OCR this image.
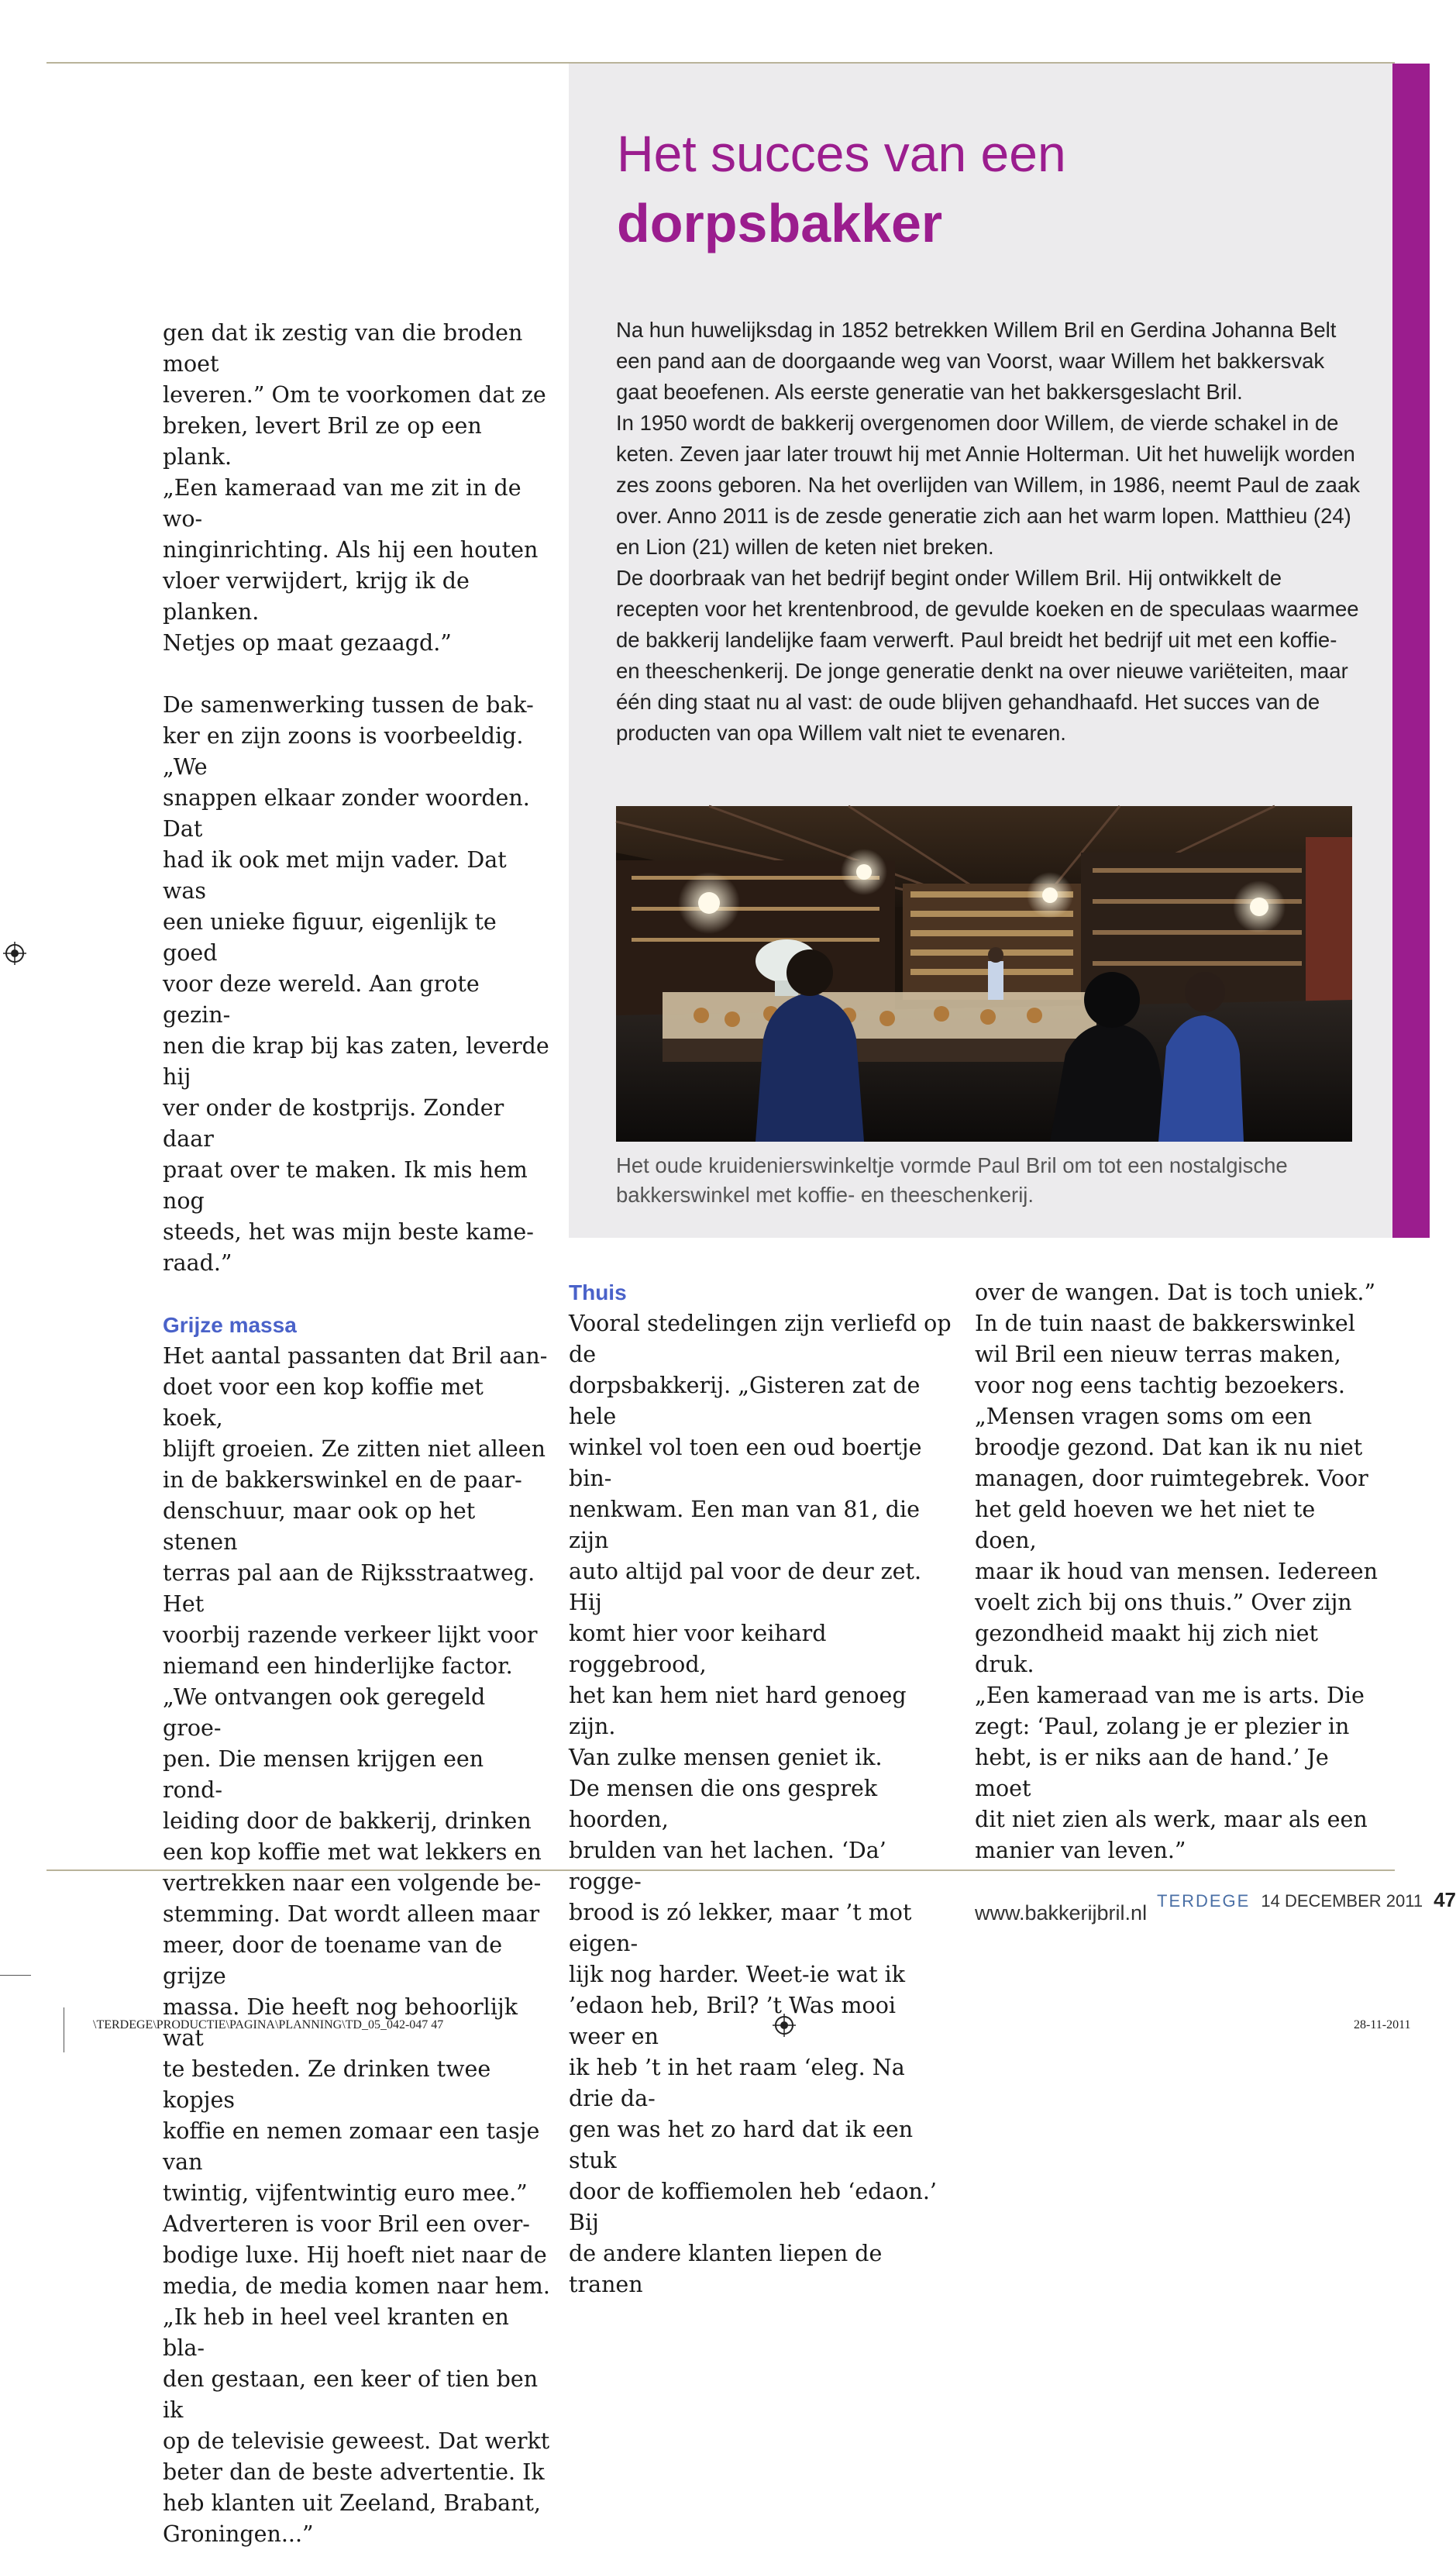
Het succes van een
dorpsbakker

Na hun huwelijksdag in 1852 betrekken Willem Bril en Gerdina Johanna Belt een pand aan de doorgaande weg van Voorst, waar Willem het bakkersvak gaat beoefenen. Als eerste generatie van het bakkersgeslacht Bril.

In 1950 wordt de bakkerij overgenomen door Willem, de vierde schakel in de keten. Zeven jaar later trouwt hij met Annie Holterman. Uit het huwelijk worden zes zoons geboren. Na het overlijden van Willem, in 1986, neemt Paul de zaak over. Anno 2011 is de zesde generatie zich aan het warm lopen. Matthieu (24) en Lion (21) willen de keten niet breken.

De doorbraak van het bedrijf begint onder Willem Bril. Hij ontwikkelt de recepten voor het krentenbrood, de gevulde koeken en de speculaas waarmee de bakkerij landelijke faam verwerft. Paul breidt het bedrijf uit met een koffie- en theeschenkerij. De jonge generatie denkt na over nieuwe variëteiten, maar één ding staat nu al vast: de oude blijven gehandhaafd. Het succes van de producten van opa Willem valt niet te evenaren.

Het oude kruidenierswinkeltje vormde Paul Bril om tot een nostalgische bakkerswinkel met koffie- en theeschenkerij.

gen dat ik zestig van die broden moet
leveren.” Om te voorkomen dat ze
breken, levert Bril ze op een plank.
„Een kameraad van me zit in de wo-
ninginrichting. Als hij een houten
vloer verwijdert, krijg ik de planken.
Netjes op maat gezaagd.”

De samenwerking tussen de bak-
ker en zijn zoons is voorbeeldig. „We
snappen elkaar zonder woorden. Dat
had ik ook met mijn vader. Dat was
een unieke figuur, eigenlijk te goed
voor deze wereld. Aan grote gezin-
nen die krap bij kas zaten, leverde hij
ver onder de kostprijs. Zonder daar
praat over te maken. Ik mis hem nog
steeds, het was mijn beste kame-
raad.”

Grijze massa

Het aantal passanten dat Bril aan-
doet voor een kop koffie met koek,
blijft groeien. Ze zitten niet alleen
in de bakkerswinkel en de paar-
denschuur, maar ook op het stenen
terras pal aan de Rijksstraatweg. Het
voorbij razende verkeer lijkt voor
niemand een hinderlijke factor.
„We ontvangen ook geregeld groe-
pen. Die mensen krijgen een rond-
leiding door de bakkerij, drinken
een kop koffie met wat lekkers en
vertrekken naar een volgende be-
stemming. Dat wordt alleen maar
meer, door de toename van de grijze
massa. Die heeft nog behoorlijk wat
te besteden. Ze drinken twee kopjes
koffie en nemen zomaar een tasje van
twintig, vijfentwintig euro mee.”
Adverteren is voor Bril een over-
bodige luxe. Hij hoeft niet naar de
media, de media komen naar hem.
„Ik heb in heel veel kranten en bla-
den gestaan, een keer of tien ben ik
op de televisie geweest. Dat werkt
beter dan de beste advertentie. Ik
heb klanten uit Zeeland, Brabant,
Groningen...”

Thuis

Vooral stedelingen zijn verliefd op de
dorpsbakkerij. „Gisteren zat de hele
winkel vol toen een oud boertje bin-
nenkwam. Een man van 81, die zijn
auto altijd pal voor de deur zet. Hij
komt hier voor keihard roggebrood,
het kan hem niet hard genoeg zijn.
Van zulke mensen geniet ik.
De mensen die ons gesprek hoorden,
brulden van het lachen. ‘Da’ rogge-
brood is zó lekker, maar ’t mot eigen-
lijk nog harder. Weet-ie wat ik
’edaon heb, Bril? ’t Was mooi weer en
ik heb ’t in het raam ‘eleg. Na drie da-
gen was het zo hard dat ik een stuk
door de koffiemolen heb ‘edaon.’ Bij
de andere klanten liepen de tranen

over de wangen. Dat is toch uniek.”
In de tuin naast de bakkerswinkel
wil Bril een nieuw terras maken,
voor nog eens tachtig bezoekers.
„Mensen vragen soms om een
broodje gezond. Dat kan ik nu niet
managen, door ruimtegebrek. Voor
het geld hoeven we het niet te doen,
maar ik houd van mensen. Iedereen
voelt zich bij ons thuis.” Over zijn
gezondheid maakt hij zich niet druk.
„Een kameraad van me is arts. Die
zegt: ‘Paul, zolang je er plezier in
hebt, is er niks aan de hand.’ Je moet
dit niet zien als werk, maar als een
manier van leven.”

www.bakkerijbril.nl
TERDEGE 14 DECEMBER 2011 47
\TERDEGE\PRODUCTIE\PAGINA\PLANNING\TD_05_042-047 47	28-11-2011
